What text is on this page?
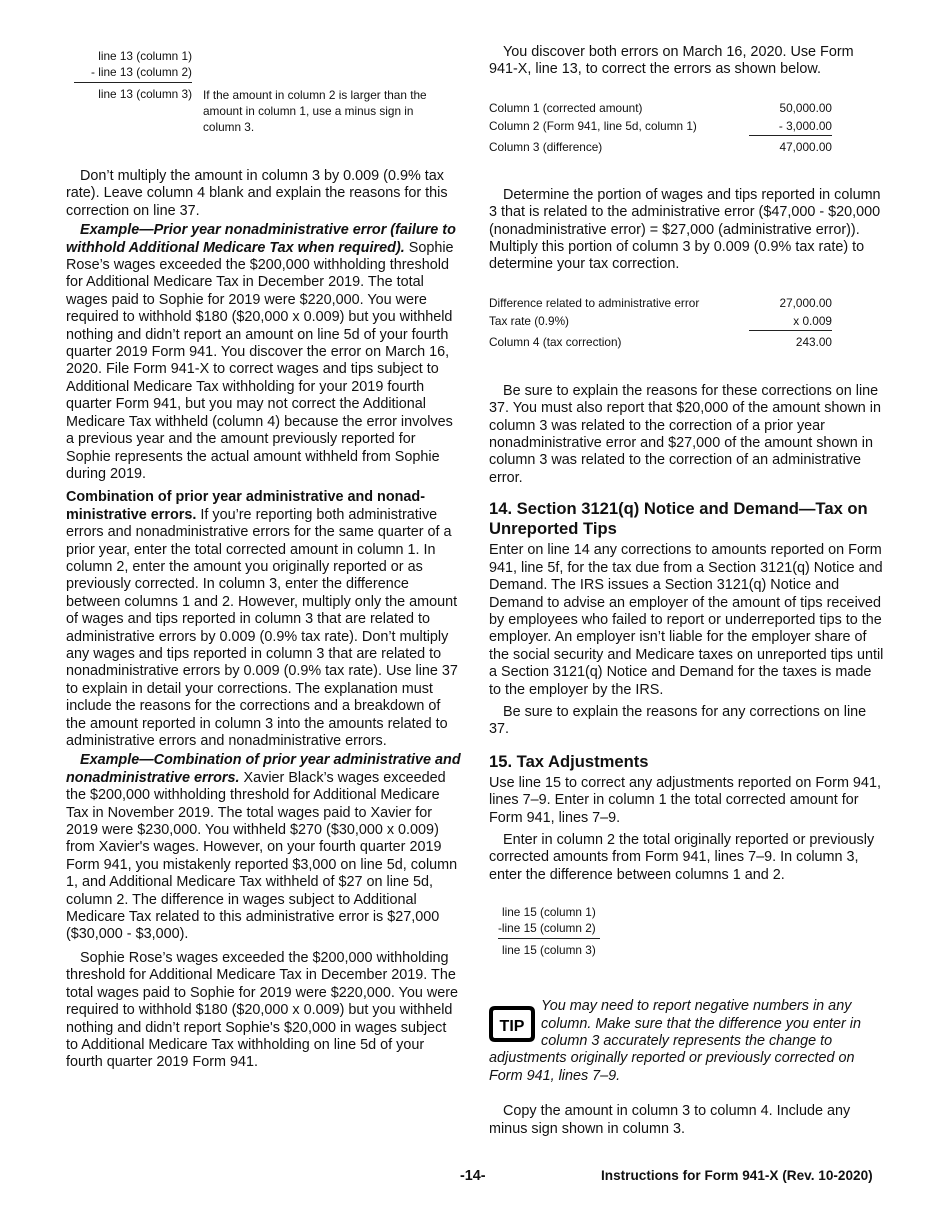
line 13 (column 1)
- line 13 (column 2)
line 13 (column 3) If the amount in column 2 is larger than the amount in column 1, use a minus sign in column 3.

Don’t multiply the amount in column 3 by 0.009 (0.9% tax rate). Leave column 4 blank and explain the reasons for this correction on line 37.

Example—Prior year nonadministrative error (failure to withhold Additional Medicare Tax when required). Sophie Rose’s wages exceeded the $200,000 withholding threshold for Additional Medicare Tax in December 2019. The total wages paid to Sophie for 2019 were $220,000. You were required to withhold $180 ($20,000 x 0.009) but you withheld nothing and didn’t report an amount on line 5d of your fourth quarter 2019 Form 941. You discover the error on March 16, 2020. File Form 941-X to correct wages and tips subject to Additional Medicare Tax withholding for your 2019 fourth quarter Form 941, but you may not correct the Additional Medicare Tax withheld (column 4) because the error involves a previous year and the amount previously reported for Sophie represents the actual amount withheld from Sophie during 2019.

Combination of prior year administrative and nonad-ministrative errors. If you’re reporting both administrative errors and nonadministrative errors for the same quarter of a prior year, enter the total corrected amount in column 1. In column 2, enter the amount you originally reported or as previously corrected. In column 3, enter the difference between columns 1 and 2. However, multiply only the amount of wages and tips reported in column 3 that are related to administrative errors by 0.009 (0.9% tax rate). Don’t multiply any wages and tips reported in column 3 that are related to nonadministrative errors by 0.009 (0.9% tax rate). Use line 37 to explain in detail your corrections. The explanation must include the reasons for the corrections and a breakdown of the amount reported in column 3 into the amounts related to administrative errors and nonadministrative errors.

Example—Combination of prior year administrative and nonadministrative errors. Xavier Black’s wages exceeded the $200,000 withholding threshold for Additional Medicare Tax in November 2019. The total wages paid to Xavier for 2019 were $230,000. You withheld $270 ($30,000 x 0.009) from Xavier's wages. However, on your fourth quarter 2019 Form 941, you mistakenly reported $3,000 on line 5d, column 1, and Additional Medicare Tax withheld of $27 on line 5d, column 2. The difference in wages subject to Additional Medicare Tax related to this administrative error is $27,000 ($30,000 - $3,000).

Sophie Rose’s wages exceeded the $200,000 withholding threshold for Additional Medicare Tax in December 2019. The total wages paid to Sophie for 2019 were $220,000. You were required to withhold $180 ($20,000 x 0.009) but you withheld nothing and didn’t report Sophie's $20,000 in wages subject to Additional Medicare Tax withholding on line 5d of your fourth quarter 2019 Form 941.

You discover both errors on March 16, 2020. Use Form 941-X, line 13, to correct the errors as shown below.

Column 1 (corrected amount)	50,000.00
Column 2 (Form 941, line 5d, column 1)	- 3,000.00
Column 3 (difference)	47,000.00

Determine the portion of wages and tips reported in column 3 that is related to the administrative error ($47,000 - $20,000 (nonadministrative error) = $27,000 (administrative error)). Multiply this portion of column 3 by 0.009 (0.9% tax rate) to determine your tax correction.

Difference related to administrative error	27,000.00
Tax rate (0.9%)	x 0.009
Column 4 (tax correction)	243.00

Be sure to explain the reasons for these corrections on line 37. You must also report that $20,000 of the amount shown in column 3 was related to the correction of a prior year nonadministrative error and $27,000 of the amount shown in column 3 was related to the correction of an administrative error.

14. Section 3121(q) Notice and Demand—Tax on Unreported Tips

Enter on line 14 any corrections to amounts reported on Form 941, line 5f, for the tax due from a Section 3121(q) Notice and Demand. The IRS issues a Section 3121(q) Notice and Demand to advise an employer of the amount of tips received by employees who failed to report or underreported tips to the employer. An employer isn’t liable for the employer share of the social security and Medicare taxes on unreported tips until a Section 3121(q) Notice and Demand for the taxes is made to the employer by the IRS.

Be sure to explain the reasons for any corrections on line 37.

15. Tax Adjustments

Use line 15 to correct any adjustments reported on Form 941, lines 7–9. Enter in column 1 the total corrected amount for Form 941, lines 7–9.

Enter in column 2 the total originally reported or previously corrected amounts from Form 941, lines 7–9. In column 3, enter the difference between columns 1 and 2.

line 15 (column 1)
-line 15 (column 2)
line 15 (column 3)
TIP

You may need to report negative numbers in any column. Make sure that the difference you enter in column 3 accurately represents the change to adjustments originally reported or previously corrected on Form 941, lines 7–9.

Copy the amount in column 3 to column 4. Include any minus sign shown in column 3.

-14-	Instructions for Form 941-X (Rev. 10-2020)
